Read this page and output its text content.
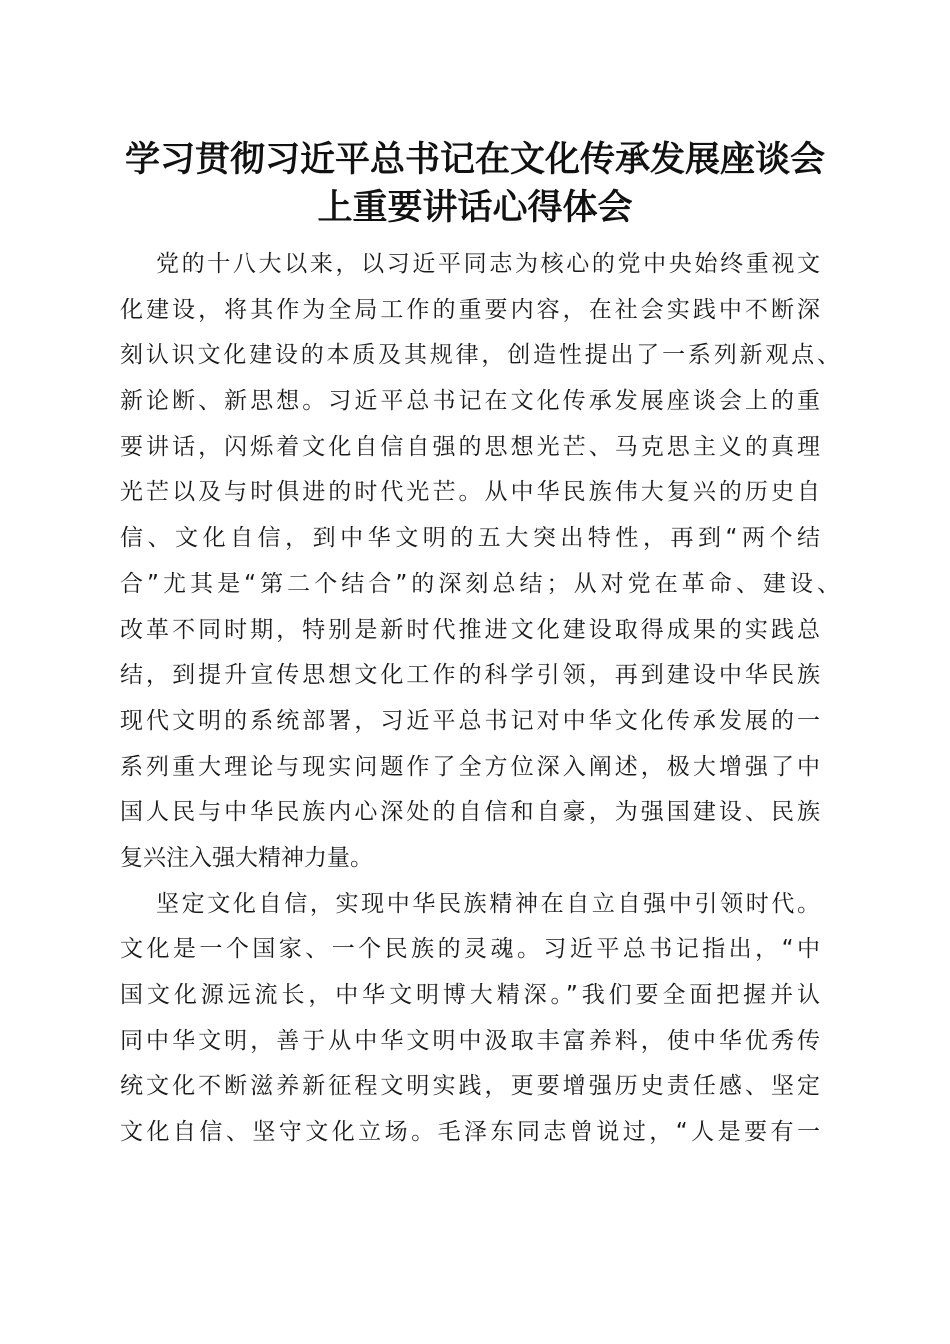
学习贯彻习近平总书记在文化传承发展座谈会
上重要讲话心得体会

党的十八大以来，以习近平同志为核心的党中央始终重视文
化建设，将其作为全局工作的重要内容，在社会实践中不断深
刻认识文化建设的本质及其规律，创造性提出了一系列新观点、
新论断、新思想。习近平总书记在文化传承发展座谈会上的重
要讲话，闪烁着文化自信自强的思想光芒、马克思主义的真理
光芒以及与时俱进的时代光芒。从中华民族伟大复兴的历史自
信、文化自信，到中华文明的五大突出特性，再到“两个结
合”尤其是“第二个结合”的深刻总结；从对党在革命、建设、
改革不同时期，特别是新时代推进文化建设取得成果的实践总
结，到提升宣传思想文化工作的科学引领，再到建设中华民族
现代文明的系统部署，习近平总书记对中华文化传承发展的一
系列重大理论与现实问题作了全方位深入阐述，极大增强了中
国人民与中华民族内心深处的自信和自豪，为强国建设、民族
复兴注入强大精神力量。

坚定文化自信，实现中华民族精神在自立自强中引领时代。
文化是一个国家、一个民族的灵魂。习近平总书记指出，“中
国文化源远流长，中华文明博大精深。”我们要全面把握并认
同中华文明，善于从中华文明中汲取丰富养料，使中华优秀传
统文化不断滋养新征程文明实践，更要增强历史责任感、坚定
文化自信、坚守文化立场。毛泽东同志曾说过，“人是要有一
